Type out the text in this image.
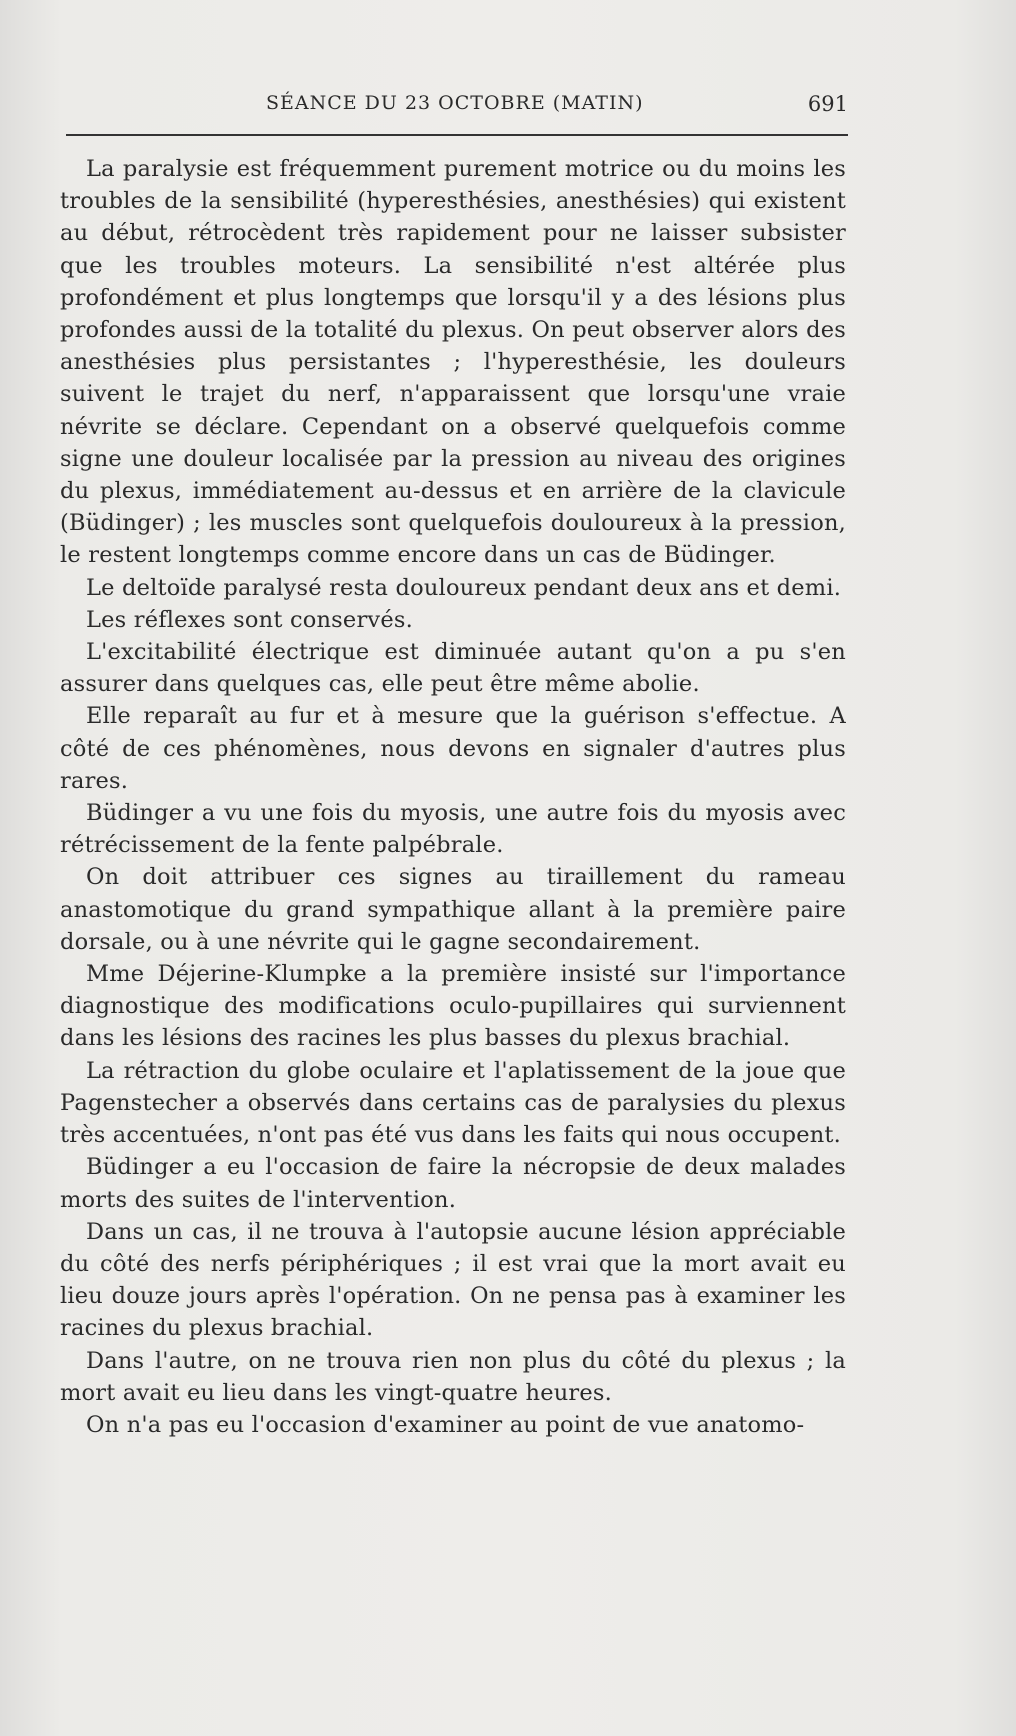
SÉANCE DU 23 OCTOBRE (MATIN)	691

La paralysie est fréquemment purement motrice ou du moins les troubles de la sensibilité (hyperesthésies, anesthésies) qui existent au début, rétrocèdent très rapidement pour ne laisser subsister que les troubles moteurs. La sensibilité n'est altérée plus profondément et plus longtemps que lorsqu'il y a des lésions plus profondes aussi de la totalité du plexus. On peut observer alors des anesthésies plus persistantes ; l'hyperesthésie, les douleurs suivent le trajet du nerf, n'apparaissent que lorsqu'une vraie névrite se déclare. Cependant on a observé quelquefois comme signe une douleur localisée par la pression au niveau des origines du plexus, immédiatement au-dessus et en arrière de la clavicule (Büdinger) ; les muscles sont quelquefois douloureux à la pression, le restent longtemps comme encore dans un cas de Büdinger.

Le deltoïde paralysé resta douloureux pendant deux ans et demi.

Les réflexes sont conservés.

L'excitabilité électrique est diminuée autant qu'on a pu s'en assurer dans quelques cas, elle peut être même abolie.

Elle reparaît au fur et à mesure que la guérison s'effectue. A côté de ces phénomènes, nous devons en signaler d'autres plus rares.

Büdinger a vu une fois du myosis, une autre fois du myosis avec rétrécissement de la fente palpébrale.

On doit attribuer ces signes au tiraillement du rameau anastomotique du grand sympathique allant à la première paire dorsale, ou à une névrite qui le gagne secondairement.

Mme Déjerine-Klumpke a la première insisté sur l'importance diagnostique des modifications oculo-pupillaires qui surviennent dans les lésions des racines les plus basses du plexus brachial.

La rétraction du globe oculaire et l'aplatissement de la joue que Pagenstecher a observés dans certains cas de paralysies du plexus très accentuées, n'ont pas été vus dans les faits qui nous occupent.

Büdinger a eu l'occasion de faire la nécropsie de deux malades morts des suites de l'intervention.

Dans un cas, il ne trouva à l'autopsie aucune lésion appréciable du côté des nerfs périphériques ; il est vrai que la mort avait eu lieu douze jours après l'opération. On ne pensa pas à examiner les racines du plexus brachial.

Dans l'autre, on ne trouva rien non plus du côté du plexus ; la mort avait eu lieu dans les vingt-quatre heures.

On n'a pas eu l'occasion d'examiner au point de vue anatomo-
